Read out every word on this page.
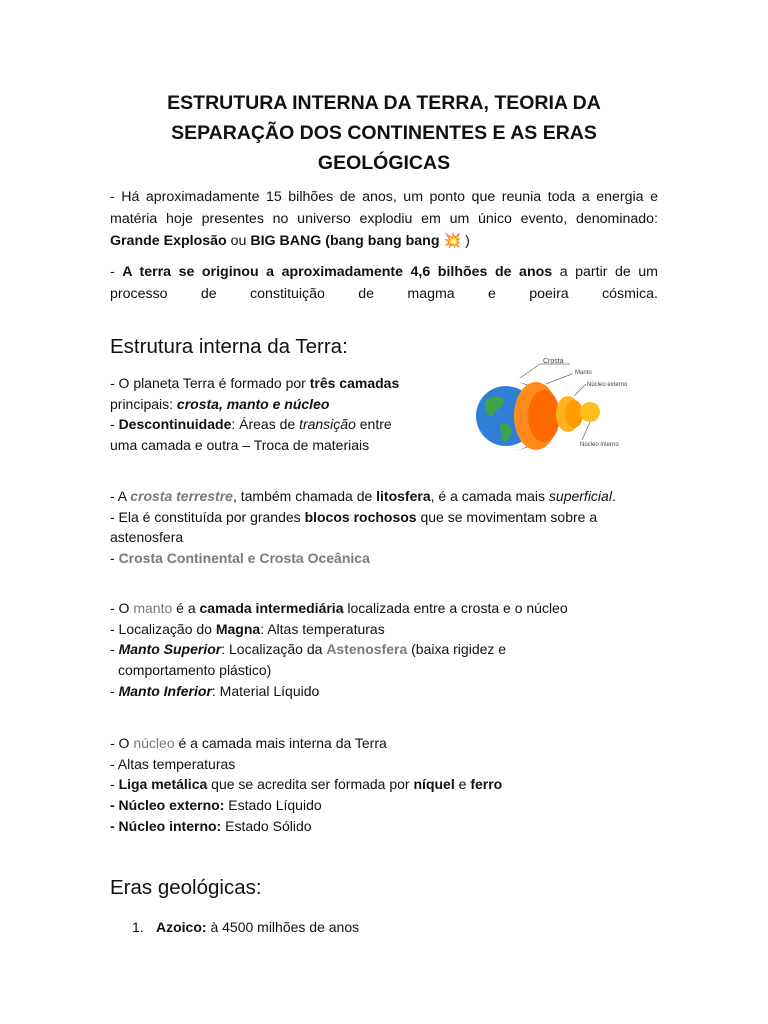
ESTRUTURA INTERNA DA TERRA, TEORIA DA
SEPARAÇÃO DOS CONTINENTES E AS ERAS
GEOLÓGICAS

- Há aproximadamente 15 bilhões de anos, um ponto que reunia toda a energia e
matéria hoje presentes no universo explodiu em um único evento, denominado:
Grande Explosão ou BIG BANG (bang bang bang 💥 )

- A terra se originou a aproximadamente 4,6 bilhões de anos a partir de um
processo de constituição de magma e poeira cósmica.

Estrutura interna da Terra:
Crosta
Manto
Núcleo externo
Núcleo interno
- O planeta Terra é formado por três camadas
principais: crosta, manto e núcleo
- Descontinuidade: Áreas de transição entre
uma camada e outra – Troca de materiais
- A crosta terrestre, também chamada de litosfera, é a camada mais superficial.
- Ela é constituída por grandes blocos rochosos que se movimentam sobre a
astenosfera
- Crosta Continental e Crosta Oceânica
- O manto é a camada intermediária localizada entre a crosta e o núcleo
- Localização do Magna: Altas temperaturas
- Manto Superior: Localização da Astenosfera (baixa rigidez e
comportamento plástico)
- Manto Inferior: Material Líquido
- O núcleo é a camada mais interna da Terra
- Altas temperaturas
- Liga metálica que se acredita ser formada por níquel e ferro
- Núcleo externo: Estado Líquido
- Núcleo interno: Estado Sólido
Eras geológicas:
1. Azoico: à 4500 milhões de anos
